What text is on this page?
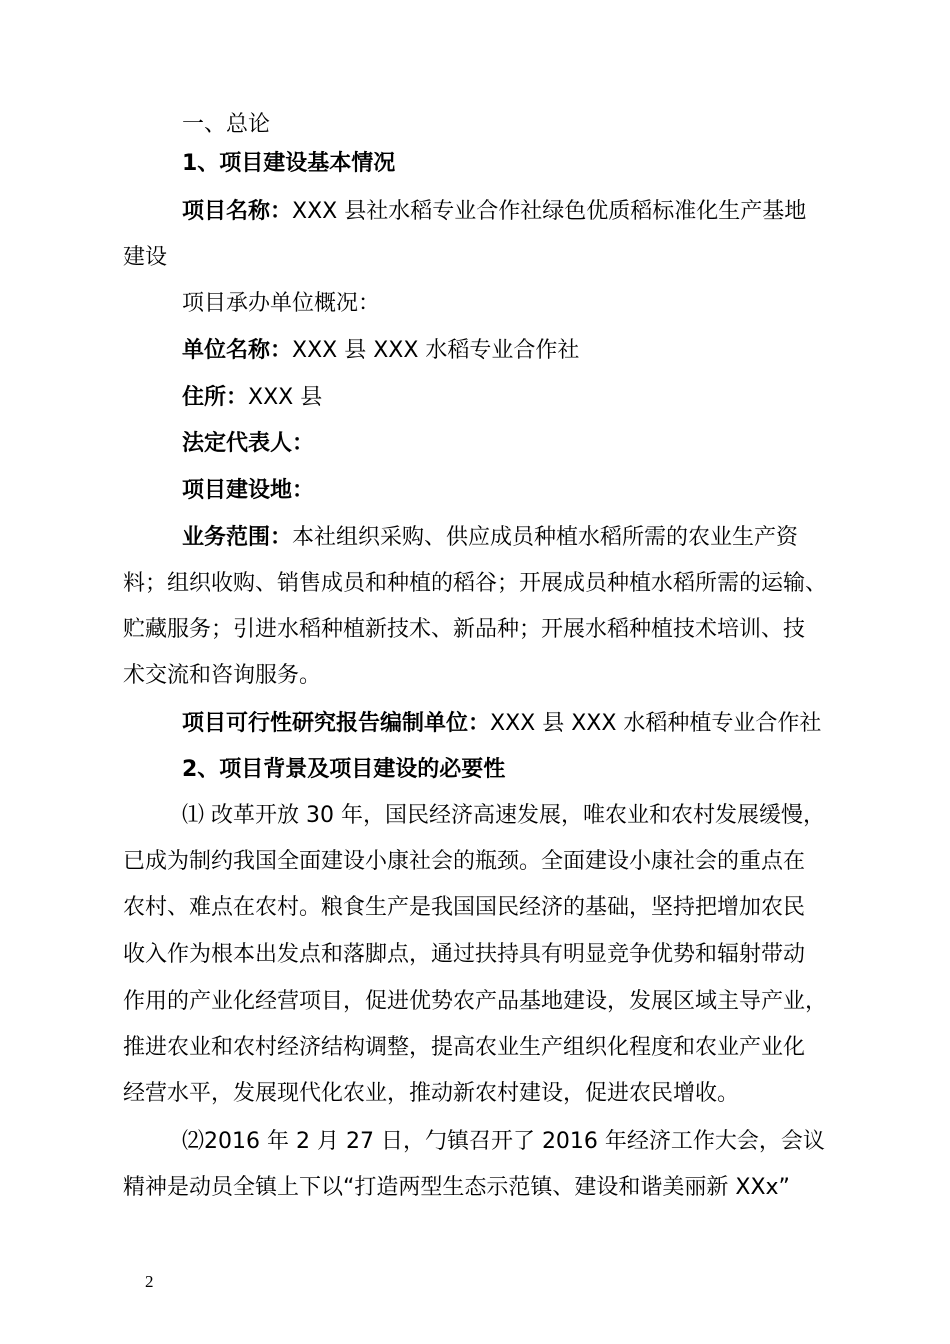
一、总论
1、项目建设基本情况
项目名称：XXX 县社水稻专业合作社绿色优质稻标准化生产基地
建设
项目承办单位概况：
单位名称：XXX 县 XXX 水稻专业合作社
住所：XXX 县
法定代表人：
项目建设地：
业务范围：本社组织采购、供应成员种植水稻所需的农业生产资
料；组织收购、销售成员和种植的稻谷；开展成员种植水稻所需的运输、
贮藏服务；引进水稻种植新技术、新品种；开展水稻种植技术培训、技
术交流和咨询服务。
项目可行性研究报告编制单位：XXX 县 XXX 水稻种植专业合作社
2、项目背景及项目建设的必要性
⑴ 改革开放 30 年，国民经济高速发展，唯农业和农村发展缓慢，
已成为制约我国全面建设小康社会的瓶颈。全面建设小康社会的重点在
农村、难点在农村。粮食生产是我国国民经济的基础，坚持把增加农民
收入作为根本出发点和落脚点，通过扶持具有明显竞争优势和辐射带动
作用的产业化经营项目，促进优势农产品基地建设，发展区域主导产业，
推进农业和农村经济结构调整，提高农业生产组织化程度和农业产业化
经营水平，发展现代化农业，推动新农村建设，促进农民增收。
⑵2016 年 2 月 27 日，勹镇召开了 2016 年经济工作大会，会议
精神是动员全镇上下以“打造两型生态示范镇、建设和谐美丽新 XXx”
2
